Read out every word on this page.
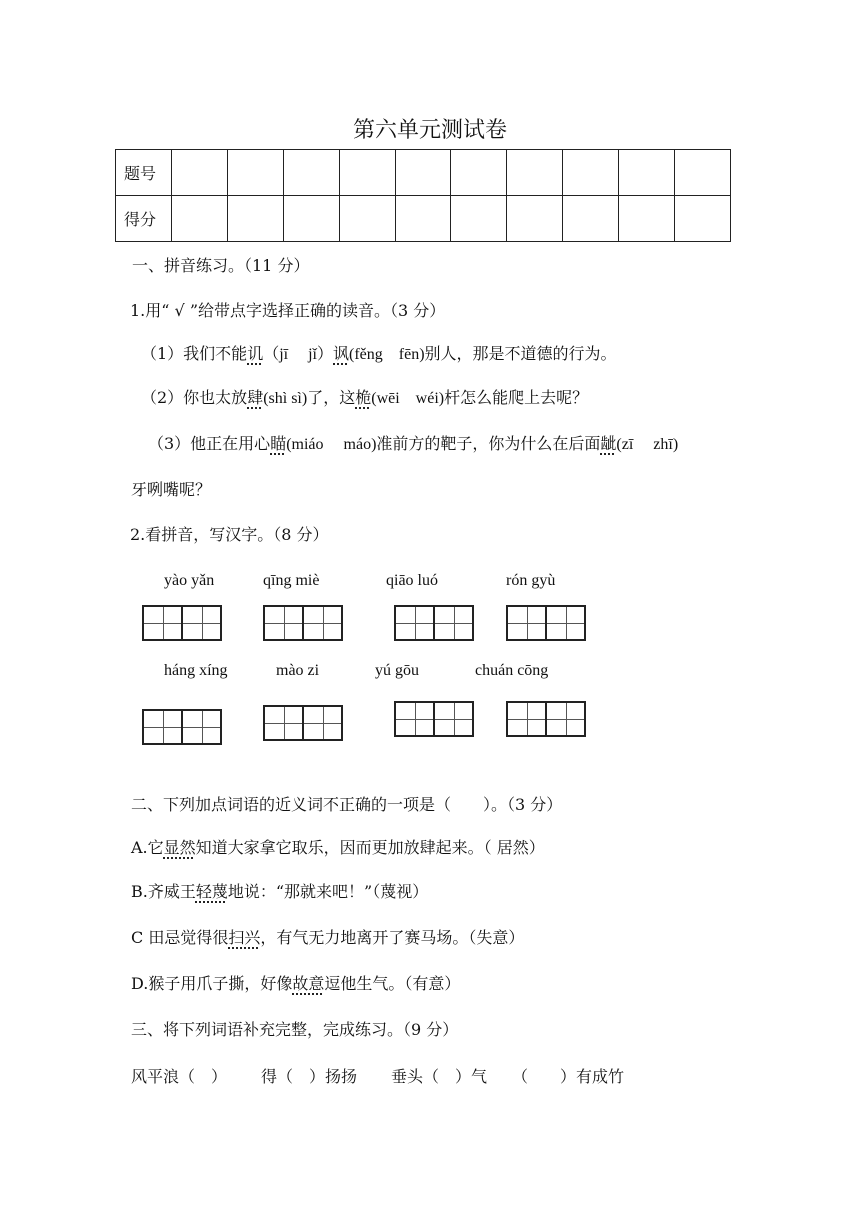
第六单元测试卷
题号										
得分										
一、拼音练习。（11 分）
1.用“ √ ”给带点字选择正确的读音。（3 分）
（1）我们不能讥（jī　 jǐ）讽(fěng　fēn)别人，那是不道德的行为。
（2）你也太放肆(shì sì)了，这桅(wēi　wéi)杆怎么能爬上去呢？
（3）他正在用心瞄(miáo　 máo)准前方的靶子，你为什么在后面龇(zī　 zhī)
牙咧嘴呢？
2.看拼音，写汉字。（8 分）
yào yǎn	qīng miè	qiāo luó	rón gyù
háng xíng	mào zi	yú gōu	chuán cōng
二、下列加点词语的近义词不正确的一项是（　　）。（3 分）
A.它显然知道大家拿它取乐，因而更加放肆起来。（ 居然）
B.齐威王轻蔑地说：“那就来吧！”（蔑视）
C 田忌觉得很扫兴，有气无力地离开了赛马场。（失意）
D.猴子用爪子撕，好像故意逗他生气。（有意）
三、将下列词语补充完整，完成练习。（9 分）
风平浪（　） 得（　）扬扬 垂头（　）气 （　　）有成竹
